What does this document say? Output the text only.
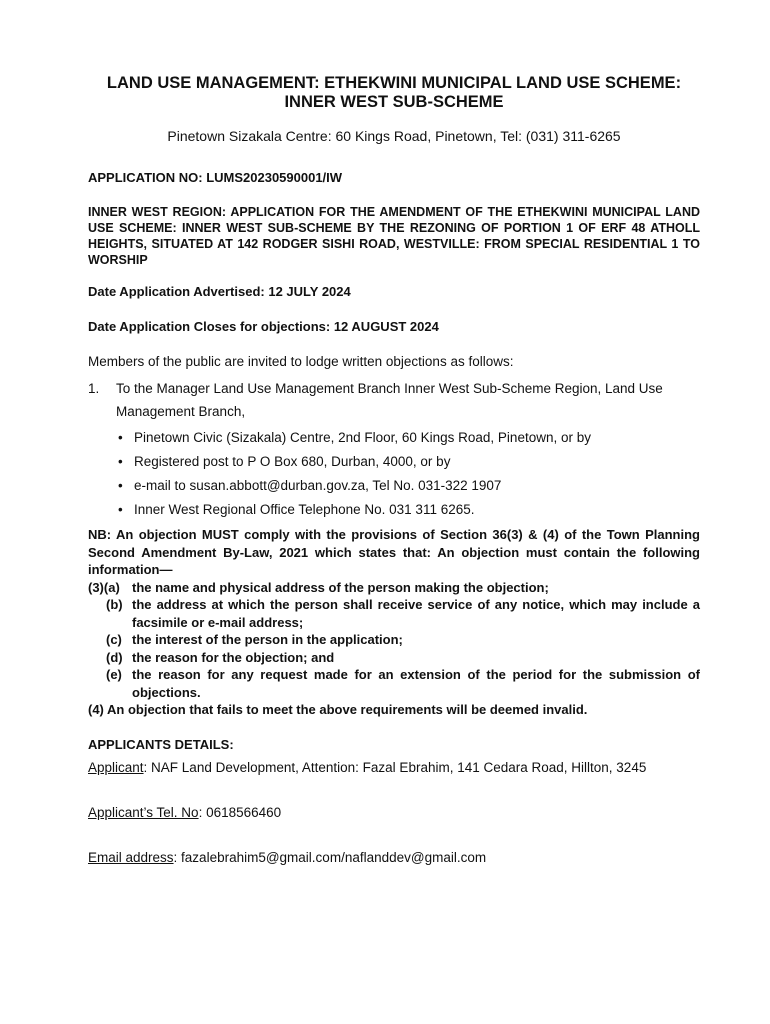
LAND USE MANAGEMENT: ETHEKWINI MUNICIPAL LAND USE SCHEME: INNER WEST SUB-SCHEME
Pinetown Sizakala Centre: 60 Kings Road, Pinetown, Tel: (031) 311-6265
APPLICATION NO: LUMS20230590001/IW
INNER WEST REGION: APPLICATION FOR THE AMENDMENT OF THE ETHEKWINI MUNICIPAL LAND USE SCHEME: INNER WEST SUB-SCHEME BY THE REZONING OF PORTION 1 OF ERF 48 ATHOLL HEIGHTS, SITUATED AT 142 RODGER SISHI ROAD, WESTVILLE: FROM SPECIAL RESIDENTIAL 1 TO WORSHIP
Date Application Advertised: 12 JULY 2024
Date Application Closes for objections: 12 AUGUST 2024
Members of the public are invited to lodge written objections as follows:
1.	To the Manager Land Use Management Branch Inner West Sub-Scheme Region, Land Use Management Branch,
• Pinetown Civic (Sizakala) Centre, 2nd Floor, 60 Kings Road, Pinetown, or by
• Registered post to P O Box 680, Durban, 4000, or by
• e-mail to susan.abbott@durban.gov.za, Tel No. 031-322 1907
• Inner West Regional Office Telephone No. 031 311 6265.
NB: An objection MUST comply with the provisions of Section 36(3) & (4) of the Town Planning Second Amendment By-Law, 2021 which states that: An objection must contain the following information—
(3)(a) the name and physical address of the person making the objection;
(b) the address at which the person shall receive service of any notice, which may include a facsimile or e-mail address;
(c) the interest of the person in the application;
(d) the reason for the objection; and
(e) the reason for any request made for an extension of the period for the submission of objections.
(4) An objection that fails to meet the above requirements will be deemed invalid.
APPLICANTS DETAILS:
Applicant: NAF Land Development, Attention: Fazal Ebrahim, 141 Cedara Road, Hillton, 3245
Applicant’s Tel. No: 0618566460
Email address: fazalebrahim5@gmail.com/naflanddev@gmail.com
